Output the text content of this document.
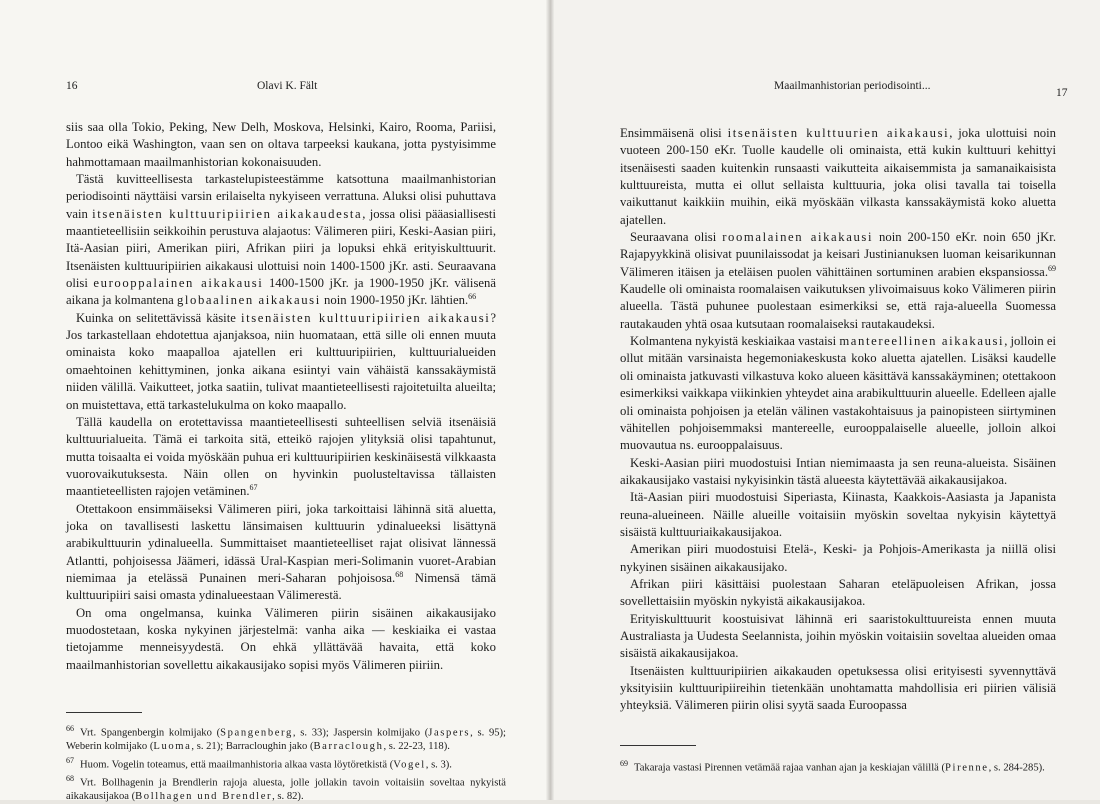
16	Olavi K. Fält

siis saa olla Tokio, Peking, New Delh, Moskova, Helsinki, Kairo, Rooma, Pariisi, Lontoo eikä Washington, vaan sen on oltava tarpeeksi kaukana, jotta pystyisimme hahmottamaan maailmanhistorian kokonaisuuden.

Tästä kuvitteellisesta tarkastelupisteestämme katsottuna maailmanhistorian periodisointi näyttäisi varsin erilaiselta nykyiseen verrattuna. Aluksi olisi puhuttava vain itsenäisten kulttuuripiirien aikakaudesta, jossa olisi pääasiallisesti maantieteellisiin seikkoihin perustuva alajaotus: Välimeren piiri, Keski-Aasian piiri, Itä-Aasian piiri, Amerikan piiri, Afrikan piiri ja lopuksi ehkä erityiskulttuurit. Itsenäisten kulttuuripiirien aikakausi ulottuisi noin 1400-1500 jKr. asti. Seuraavana olisi eurooppalainen aikakausi 1400-1500 jKr. ja 1900-1950 jKr. välisenä aikana ja kolmantena globaalinen aikakausi noin 1900-1950 jKr. lähtien.$^{66}$

Kuinka on selitettävissä käsite itsenäisten kulttuuripiirien aikakausi? Jos tarkastellaan ehdotettua ajanjaksoa, niin huomataan, että sille oli ennen muuta ominaista koko maapalloa ajatellen eri kulttuuripiirien, kulttuurialueiden omaehtoinen kehittyminen, jonka aikana esiintyi vain vähäistä kanssakäymistä niiden välillä. Vaikutteet, jotka saatiin, tulivat maantieteellisesti rajoitetuilta alueilta; on muistettava, että tarkastelukulma on koko maapallo.

Tällä kaudella on erotettavissa maantieteellisesti suhteellisen selviä itsenäisiä kulttuurialueita. Tämä ei tarkoita sitä, etteikö rajojen ylityksiä olisi tapahtunut, mutta toisaalta ei voida myöskään puhua eri kulttuuripiirien keskinäisestä vilkkaasta vuorovaikutuksesta. Näin ollen on hyvinkin puolusteltavissa tällaisten maantieteellisten rajojen vetäminen.$^{67}$

Otettakoon ensimmäiseksi Välimeren piiri, joka tarkoittaisi lähinnä sitä aluetta, joka on tavallisesti laskettu länsimaisen kulttuurin ydinalueeksi lisättynä arabikulttuurin ydinalueella. Summittaiset maantieteelliset rajat olisivat lännessä Atlantti, pohjoisessa Jäämeri, idässä Ural-Kaspian meri-Solimanin vuoret-Arabian niemimaa ja etelässä Punainen meri-Saharan pohjoisosa.$^{68}$ Nimensä tämä kulttuuripiiri saisi omasta ydinalueestaan Välimerestä.

On oma ongelmansa, kuinka Välimeren piirin sisäinen aikakausijako muodostetaan, koska nykyinen järjestelmä: vanha aika — keskiaika ei vastaa tietojamme menneisyydestä. On ehkä yllättävää havaita, että koko maailmanhistorian sovellettu aikakausijako sopisi myös Välimeren piiriin.

$^{66}$ Vrt. Spangenbergin kolmijako (Spangenberg, s. 33); Jaspersin kolmijako (Jaspers, s. 95); Weberin kolmijako (Luoma, s. 21); Barracloughin jako (Barraclough, s. 22-23, 118).

$^{67}$ Huom. Vogelin toteamus, että maailmanhistoria alkaa vasta löytöretkistä (Vogel, s. 3).

$^{68}$ Vrt. Bollhagenin ja Brendlerin rajoja aluesta, jolle jollakin tavoin voitaisiin soveltaa nykyistä aikakausijakoa (Bollhagen und Brendler, s. 82).

Maailmanhistorian periodisointi...
17

Ensimmäisenä olisi itsenäisten kulttuurien aikakausi, joka ulottuisi noin vuoteen 200-150 eKr. Tuolle kaudelle oli ominaista, että kukin kulttuuri kehittyi itsenäisesti saaden kuitenkin runsaasti vaikutteita aikaisemmista ja samanaikaisista kulttuureista, mutta ei ollut sellaista kulttuuria, joka olisi tavalla tai toisella vaikuttanut kaikkiin muihin, eikä myöskään vilkasta kanssakäymistä koko aluetta ajatellen.

Seuraavana olisi roomalainen aikakausi noin 200-150 eKr. noin 650 jKr. Rajapyykkinä olisivat puunilaissodat ja keisari Justinianuksen luoman keisarikunnan Välimeren itäisen ja eteläisen puolen vähittäinen sortuminen arabien ekspansiossa.$^{69}$ Kaudelle oli ominaista roomalaisen vaikutuksen ylivoimaisuus koko Välimeren piirin alueella. Tästä puhunee puolestaan esimerkiksi se, että raja-alueella Suomessa rautakauden yhtä osaa kutsutaan roomalaiseksi rautakaudeksi.

Kolmantena nykyistä keskiaikaa vastaisi mantereellinen aikakausi, jolloin ei ollut mitään varsinaista hegemoniakeskusta koko aluetta ajatellen. Lisäksi kaudelle oli ominaista jatkuvasti vilkastuva koko alueen käsittävä kanssakäyminen; otettakoon esimerkiksi vaikkapa viikinkien yhteydet aina arabikulttuurin alueelle. Edelleen ajalle oli ominaista pohjoisen ja etelän välinen vastakohtaisuus ja painopisteen siirtyminen vähitellen pohjoisemmaksi mantereelle, eurooppalaiselle alueelle, jolloin alkoi muovautua ns. eurooppalaisuus.

Keski-Aasian piiri muodostuisi Intian niemimaasta ja sen reuna-alueista. Sisäinen aikakausijako vastaisi nykyisinkin tästä alueesta käytettävää aikakausijakoa.

Itä-Aasian piiri muodostuisi Siperiasta, Kiinasta, Kaakkois-Aasiasta ja Japanista reuna-alueineen. Näille alueille voitaisiin myöskin soveltaa nykyisin käytettyä sisäistä kulttuuriaikakausijakoa.

Amerikan piiri muodostuisi Etelä-, Keski- ja Pohjois-Amerikasta ja niillä olisi nykyinen sisäinen aikakausijako.

Afrikan piiri käsittäisi puolestaan Saharan eteläpuoleisen Afrikan, jossa sovellettaisiin myöskin nykyistä aikakausijakoa.

Erityiskulttuurit koostuisivat lähinnä eri saaristokulttuureista ennen muuta Australiasta ja Uudesta Seelannista, joihin myöskin voitaisiin soveltaa alueiden omaa sisäistä aikakausijakoa.

Itsenäisten kulttuuripiirien aikakauden opetuksessa olisi erityisesti syvennyttävä yksityisiin kulttuuripiireihin tietenkään unohtamatta mahdollisia eri piirien välisiä yhteyksiä. Välimeren piirin olisi syytä saada Euroopassa

$^{69}$ Takaraja vastasi Pirennen vetämää rajaa vanhan ajan ja keskiajan välillä (Pirenne, s. 284-285).
